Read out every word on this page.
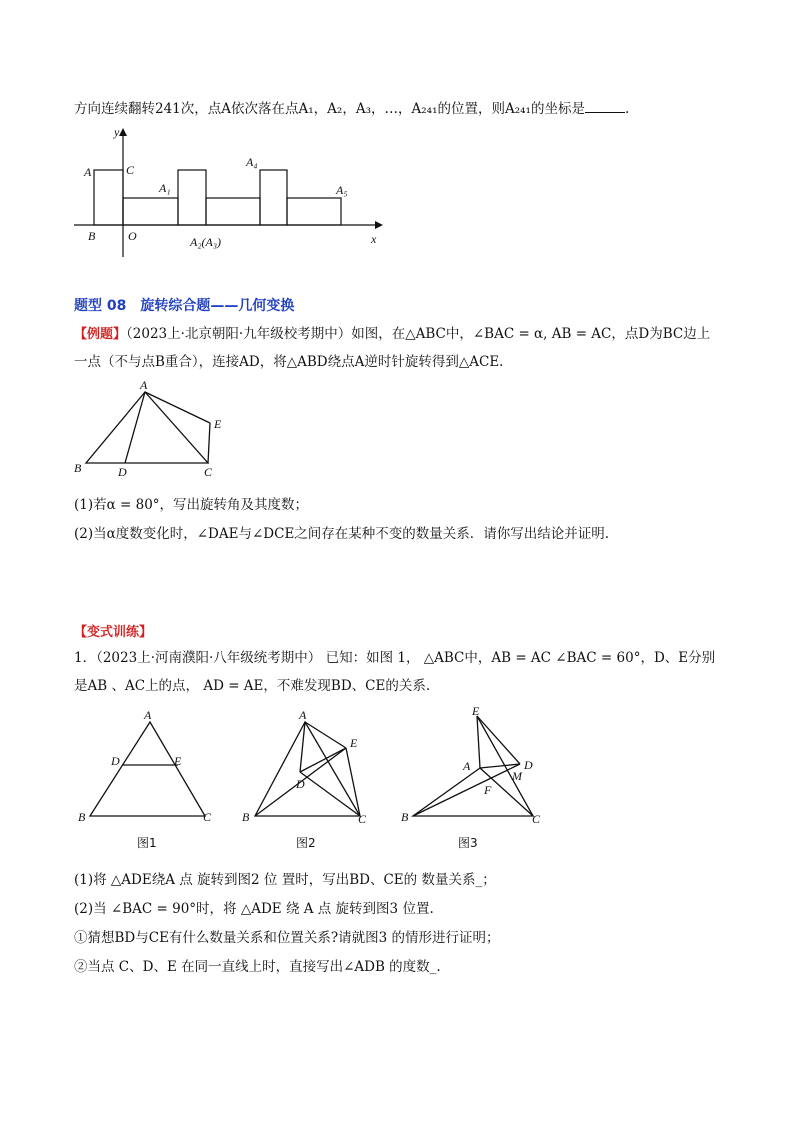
方向连续翻转241次，点A依次落在点A₁，A₂，A₃，…，A₂₄₁的位置，则A₂₄₁的坐标是	.
y
x
A	C
B	O
A₁
A₂(A₃)
A₄
A₅
题型 08 旋转综合题——几何变换
【例题】（2023上·北京朝阳·九年级校考期中）如图，在△ABC中，∠BAC = α, AB = AC，点D为BC边上
一点（不与点B重合），连接AD，将△ABD绕点A逆时针旋转得到△ACE.
A
B	D	C
E
(1)若α = 80°，写出旋转角及其度数；
(2)当α度数变化时，∠DAE与∠DCE之间存在某种不变的数量关系．请你写出结论并证明.
【变式训练】
1．（2023上·河南濮阳·八年级统考期中） 已知：如图 1， △ABC中，AB = AC ∠BAC = 60°，D、E分别
是AB 、AC上的点， AD = AE，不难发现BD、CE的关系.
A
D	E
B	C
图1
A
E
D
B	C
图2
E
A	D
M
F
B	C
图3
(1)将 △ADE绕A 点 旋转到图2 位 置时，写出BD、CE的 数量关系_；
(2)当 ∠BAC = 90°时，将 △ADE 绕 A 点 旋转到图3 位置.
①猜想BD与CE有什么数量关系和位置关系?请就图3 的情形进行证明；
②当点 C、D、E 在同一直线上时，直接写出∠ADB 的度数_.
